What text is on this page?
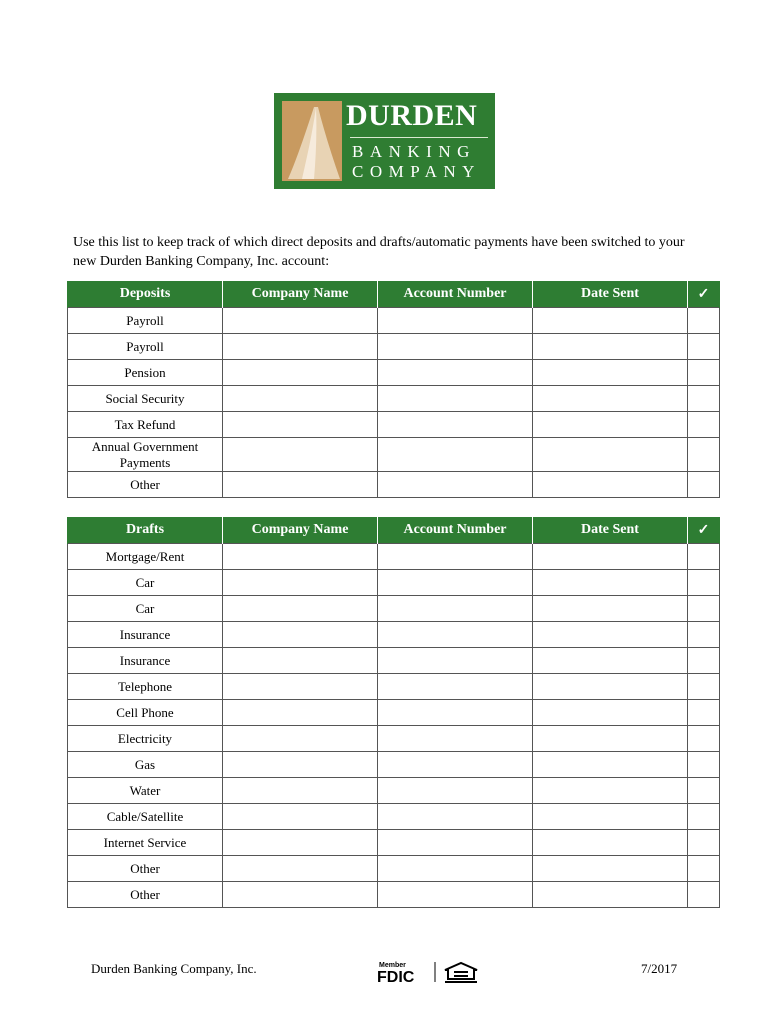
DURDEN
BANKING
COMPANY
Use this list to keep track of which direct deposits and drafts/automatic payments have been switched to your new Durden Banking Company, Inc. account:
Deposits	Company Name	Account Number	Date Sent	✓
Payroll				
Payroll				
Pension				
Social Security				
Tax Refund				
Annual Government Payments				
Other				
Drafts	Company Name	Account Number	Date Sent	✓
Mortgage/Rent				
Car				
Car				
Insurance				
Insurance				
Telephone				
Cell Phone				
Electricity				
Gas				
Water				
Cable/Satellite				
Internet Service				
Other				
Other				
Durden Banking Company, Inc.	Member
FDIC
7/2017
